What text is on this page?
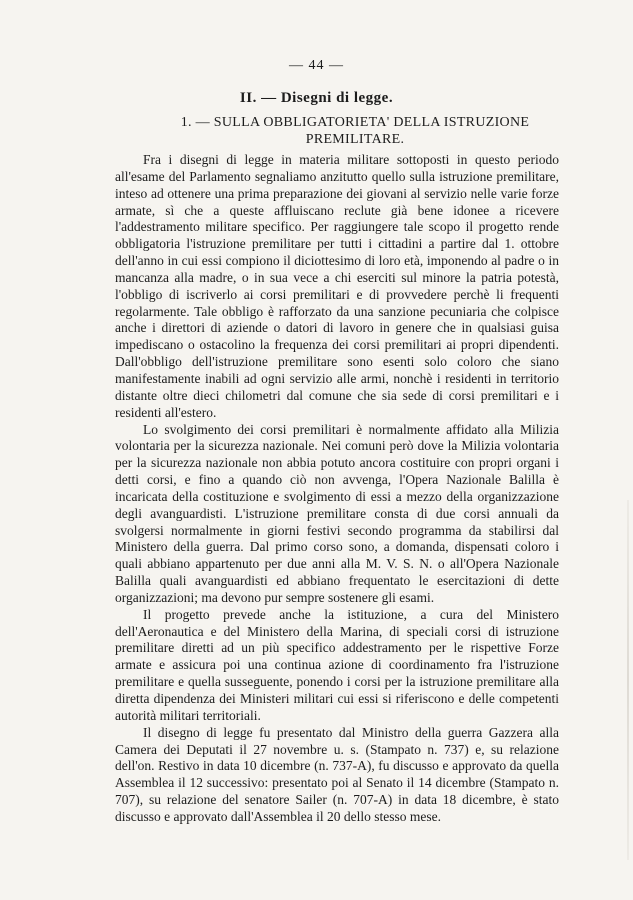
— 44 —
II. — Disegni di legge.
1. — SULLA OBBLIGATORIETA' DELLA ISTRUZIONE PREMILITARE.

Fra i disegni di legge in materia militare sottoposti in questo periodo all'esame del Parlamento segnaliamo anzitutto quello sulla istruzione premilitare, inteso ad ottenere una prima preparazione dei giovani al servizio nelle varie forze armate, sì che a queste affluiscano reclute già bene idonee a ricevere l'addestramento militare specifico. Per raggiungere tale scopo il progetto rende obbligatoria l'istruzione premilitare per tutti i cittadini a partire dal 1. ottobre dell'anno in cui essi compiono il diciottesimo di loro età, imponendo al padre o in mancanza alla madre, o in sua vece a chi eserciti sul minore la patria potestà, l'obbligo di iscriverlo ai corsi premilitari e di provvedere perchè li frequenti regolarmente. Tale obbligo è rafforzato da una sanzione pecuniaria che colpisce anche i direttori di aziende o datori di lavoro in genere che in qualsiasi guisa impediscano o ostacolino la frequenza dei corsi premilitari ai propri dipendenti. Dall'obbligo dell'istruzione premilitare sono esenti solo coloro che siano manifestamente inabili ad ogni servizio alle armi, nonchè i residenti in territorio distante oltre dieci chilometri dal comune che sia sede di corsi premilitari e i residenti all'estero.

Lo svolgimento dei corsi premilitari è normalmente affidato alla Milizia volontaria per la sicurezza nazionale. Nei comuni però dove la Milizia volontaria per la sicurezza nazionale non abbia potuto ancora costituire con propri organi i detti corsi, e fino a quando ciò non avvenga, l'Opera Nazionale Balilla è incaricata della costituzione e svolgimento di essi a mezzo della organizzazione degli avanguardisti. L'istruzione premilitare consta di due corsi annuali da svolgersi normalmente in giorni festivi secondo programma da stabilirsi dal Ministero della guerra. Dal primo corso sono, a domanda, dispensati coloro i quali abbiano appartenuto per due anni alla M. V. S. N. o all'Opera Nazionale Balilla quali avanguardisti ed abbiano frequentato le esercitazioni di dette organizzazioni; ma devono pur sempre sostenere gli esami.

Il progetto prevede anche la istituzione, a cura del Ministero dell'Aeronautica e del Ministero della Marina, di speciali corsi di istruzione premilitare diretti ad un più specifico addestramento per le rispettive Forze armate e assicura poi una continua azione di coordinamento fra l'istruzione premilitare e quella susseguente, ponendo i corsi per la istruzione premilitare alla diretta dipendenza dei Ministeri militari cui essi si riferiscono e delle competenti autorità militari territoriali.

Il disegno di legge fu presentato dal Ministro della guerra Gazzera alla Camera dei Deputati il 27 novembre u. s. (Stampato n. 737) e, su relazione dell'on. Restivo in data 10 dicembre (n. 737-A), fu discusso e approvato da quella Assemblea il 12 successivo: presentato poi al Senato il 14 dicembre (Stampato n. 707), su relazione del senatore Sailer (n. 707-A) in data 18 dicembre, è stato discusso e approvato dall'Assemblea il 20 dello stesso mese.
